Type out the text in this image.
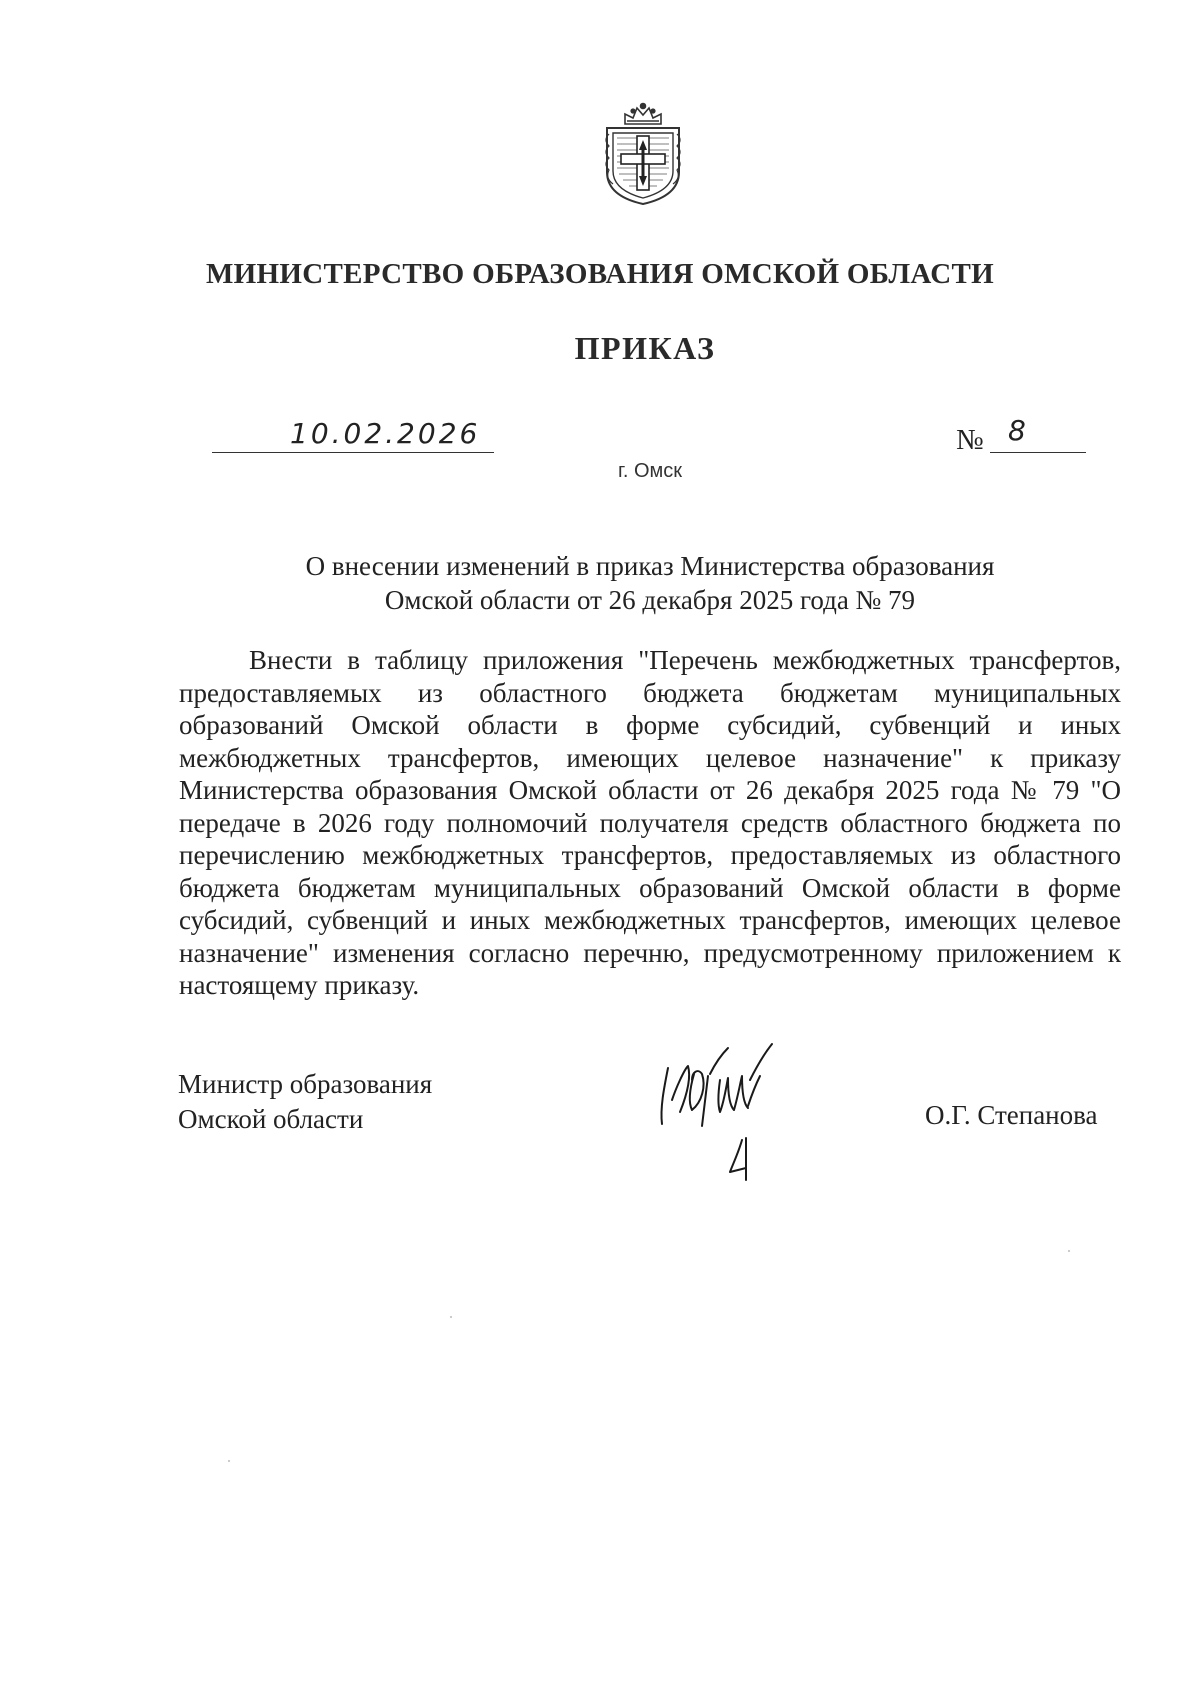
МИНИСТЕРСТВО ОБРАЗОВАНИЯ ОМСКОЙ ОБЛАСТИ
ПРИКАЗ
10.02.2026	№ 8
г. Омск
О внесении изменений в приказ Министерства образования
Омской области от 26 декабря 2025 года № 79

Внести в таблицу приложения "Перечень межбюджетных трансфертов, предоставляемых из областного бюджета бюджетам муниципальных образований Омской области в форме субсидий, субвенций и иных межбюджетных трансфертов, имеющих целевое назначение" к приказу Министерства образования Омской области от 26 декабря 2025 года № 79 "О передаче в 2026 году полномочий получателя средств областного бюджета по перечислению межбюджетных трансфертов, предоставляемых из областного бюджета бюджетам муниципальных образований Омской области в форме субсидий, субвенций и иных межбюджетных трансфертов, имеющих целевое назначение" изменения согласно перечню, предусмотренному приложением к настоящему приказу.

Министр образования
Омской области	О.Г. Степанова
